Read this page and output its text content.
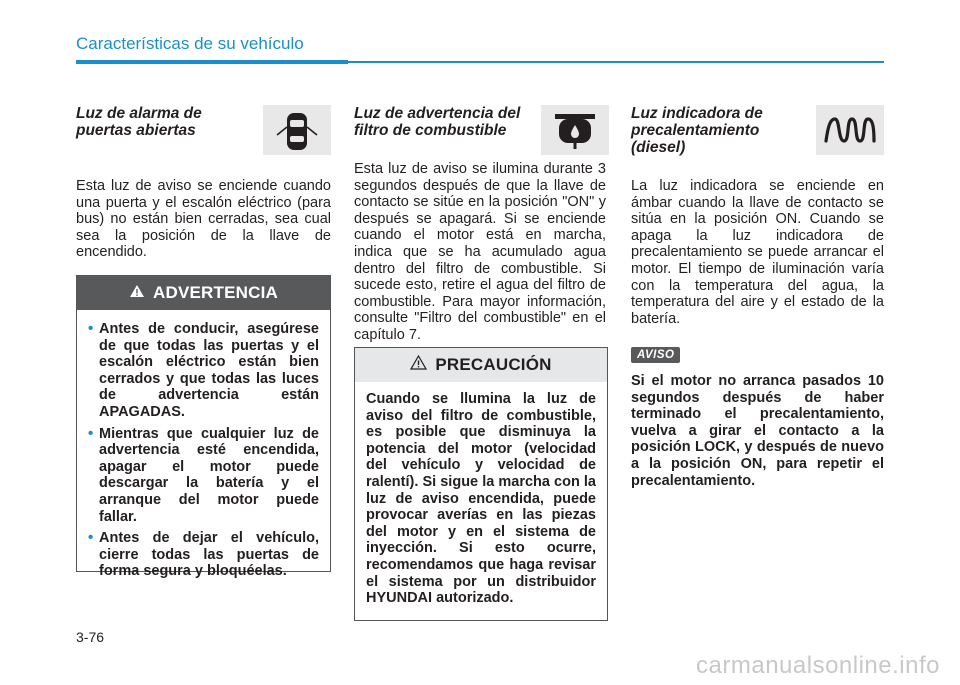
Características de su vehículo

Luz de alarma de puertas abiertas

Esta luz de aviso se enciende cuando una puerta y el escalón eléctrico (para bus) no están bien cerradas, sea cual sea la posición de la llave de encendido.

ADVERTENCIA
• Antes de conducir, asegúrese de que todas las puertas y el escalón eléctrico están bien cerrados y que todas las luces de advertencia están APAGADAS.
• Mientras que cualquier luz de advertencia esté encendida, apagar el motor puede descargar la batería y el arranque del motor puede fallar.
• Antes de dejar el vehículo, cierre todas las puertas de forma segura y bloquéelas.

Luz de advertencia del filtro de combustible

Esta luz de aviso se ilumina durante 3 segundos después de que la llave de contacto se sitúe en la posición "ON" y después se apagará. Si se enciende cuando el motor está en marcha, indica que se ha acumulado agua dentro del filtro de combustible. Si sucede esto, retire el agua del filtro de combustible. Para mayor información, consulte "Filtro del combustible" en el capítulo 7.

PRECAUCIÓN
Cuando se llumina la luz de aviso del filtro de combustible, es posible que disminuya la potencia del motor (velocidad del vehículo y velocidad de ralentí). Si sigue la marcha con la luz de aviso encendida, puede provocar averías en las piezas del motor y en el sistema de inyección. Si esto ocurre, recomendamos que haga revisar el sistema por un distribuidor HYUNDAI autorizado.

Luz indicadora de precalentamiento (diesel)

La luz indicadora se enciende en ámbar cuando la llave de contacto se sitúa en la posición ON. Cuando se apaga la luz indicadora de precalentamiento se puede arrancar el motor. El tiempo de iluminación varía con la temperatura del agua, la temperatura del aire y el estado de la batería.

AVISO

Si el motor no arranca pasados 10 segundos después de haber terminado el precalentamiento, vuelva a girar el contacto a la posición LOCK, y después de nuevo a la posición ON, para repetir el precalentamiento.

3-76
carmanualsonline.info
